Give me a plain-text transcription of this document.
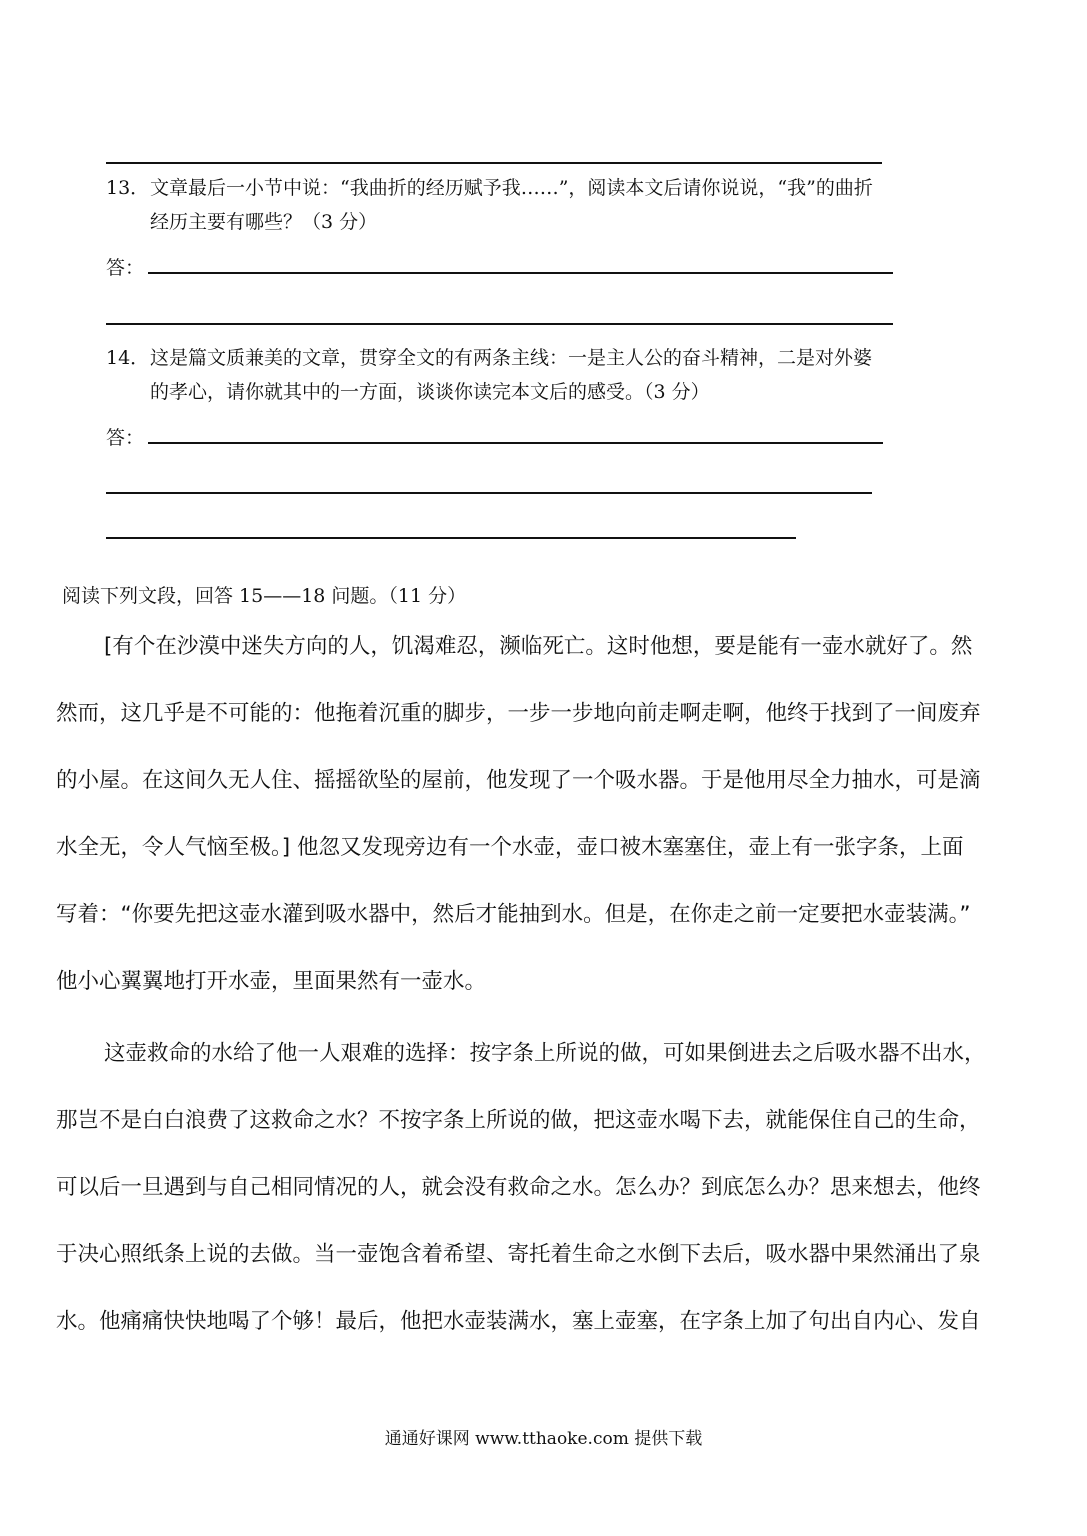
13． 文章最后一小节中说：“我曲折的经历赋予我……”，阅读本文后请你说说，“我”的曲折
经历主要有哪些？（3 分）
答：
14． 这是篇文质兼美的文章，贯穿全文的有两条主线：一是主人公的奋斗精神，二是对外婆
的孝心，请你就其中的一方面，谈谈你读完本文后的感受。（3 分）
答：
阅读下列文段，回答 15——18 问题。（11 分）
[有个在沙漠中迷失方向的人，饥渴难忍，濒临死亡。这时他想，要是能有一壶水就好了。然
然而，这几乎是不可能的：他拖着沉重的脚步，一步一步地向前走啊走啊，他终于找到了一间废弃
的小屋。在这间久无人住、摇摇欲坠的屋前，他发现了一个吸水器。于是他用尽全力抽水，可是滴
水全无，令人气恼至极。] 他忽又发现旁边有一个水壶，壶口被木塞塞住，壶上有一张字条，上面
写着：“你要先把这壶水灌到吸水器中，然后才能抽到水。但是，在你走之前一定要把水壶装满。”
他小心翼翼地打开水壶，里面果然有一壶水。
这壶救命的水给了他一人艰难的选择：按字条上所说的做，可如果倒进去之后吸水器不出水，
那岂不是白白浪费了这救命之水？不按字条上所说的做，把这壶水喝下去，就能保住自己的生命，
可以后一旦遇到与自己相同情况的人，就会没有救命之水。怎么办？到底怎么办？思来想去，他终
于决心照纸条上说的去做。当一壶饱含着希望、寄托着生命之水倒下去后，吸水器中果然涌出了泉
水。他痛痛快快地喝了个够！最后，他把水壶装满水，塞上壶塞，在字条上加了句出自内心、发自
通通好课网 www.tthaoke.com 提供下载
